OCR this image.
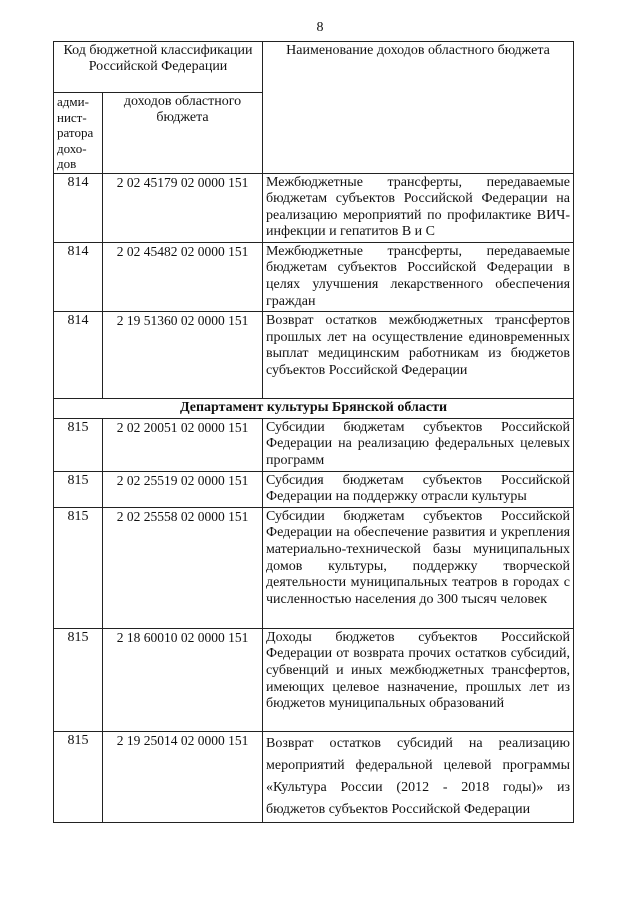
8
Код бюджетной классификации Российской Федерации		Наименование доходов областного бюджета
адми-нист-ратора дохо-дов	доходов областного бюджета	
814	2 02 45179 02 0000 151	Межбюджетные трансферты, передаваемые бюджетам субъектов Российской Федерации на реализацию мероприятий по профилактике ВИЧ-инфекции и гепатитов В и С
814	2 02 45482 02 0000 151	Межбюджетные трансферты, передаваемые бюджетам субъектов Российской Федерации в целях улучшения лекарственного обеспечения граждан
814	2 19 51360 02 0000 151	Возврат остатков межбюджетных трансфертов прошлых лет на осуществление единовременных выплат медицинским работникам из бюджетов субъектов Российской Федерации
Департамент культуры Брянской области		
815	2 02 20051 02 0000 151	Субсидии бюджетам субъектов Российской Федерации на реализацию федеральных целевых программ
815	2 02 25519 02 0000 151	Субсидия бюджетам субъектов Российской Федерации на поддержку отрасли культуры
815	2 02 25558 02 0000 151	Субсидии бюджетам субъектов Российской Федерации на обеспечение развития и укрепления материально-технической базы муниципальных домов культуры, поддержку творческой деятельности муниципальных театров в городах с численностью населения до 300 тысяч человек
815	2 18 60010 02 0000 151	Доходы бюджетов субъектов Российской Федерации от возврата прочих остатков субсидий, субвенций и иных межбюджетных трансфертов, имеющих целевое назначение, прошлых лет из бюджетов муниципальных образований
815	2 19 25014 02 0000 151	Возврат остатков субсидий на реализацию мероприятий федеральной целевой программы «Культура России (2012 - 2018 годы)» из бюджетов субъектов Российской Федерации
